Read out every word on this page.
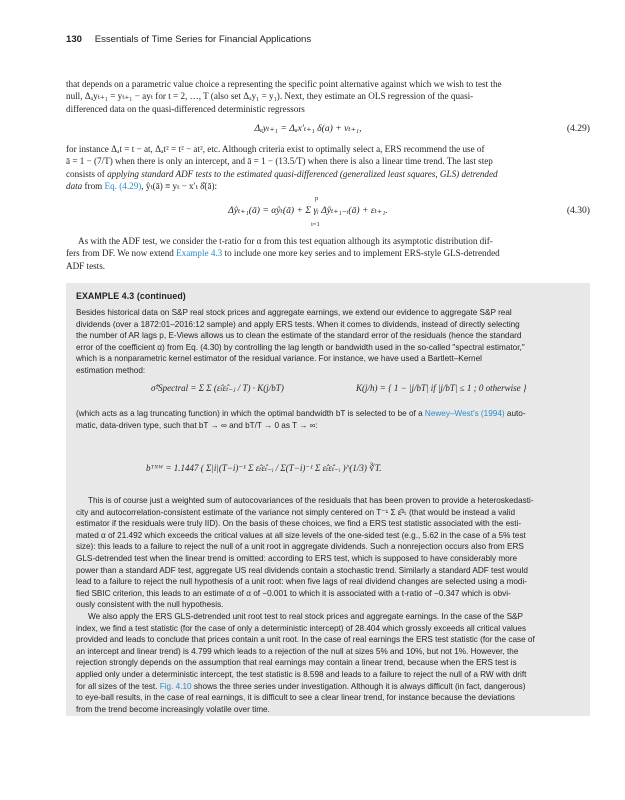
130 Essentials of Time Series for Financial Applications

that depends on a parametric value choice a representing the specific point alternative against which we wish to test the

null, Δₐyₜ₊₁ = yₜ₊₁ − ayₜ for t = 2, …, T (also set Δₐy₁ = y₁). Next, they estimate an OLS regression of the quasi-

differenced data on the quasi-differenced deterministic regressors

Δₐyₜ₊₁ = Δₐx′ₜ₊₁ δ(a) + vₜ₊₁,	(4.29)

for instance Δₐt = t − at, Δₐt² = t² − at², etc. Although criteria exist to optimally select a, ERS recommend the use of

ā = 1 − (7/T) when there is only an intercept, and ā = 1 − (13.5/T) when there is also a linear time trend. The last step

consists of applying standard ADF tests to the estimated quasi-differenced (generalized least squares, GLS) detrended

data from Eq. (4.29), ŷₜ(ā) ≡ yₜ − x′ₜ δ̂(ā):

Δŷₜ₊₁(ā) = αŷₜ(ā) + Σ γᵢ Δŷₜ₊₁₋ᵢ(ā) + εₜ₊₁.	(4.30)
p
i=1

As with the ADF test, we consider the t-ratio for α from this test equation although its asymptotic distribution dif-

fers from DF. We now extend Example 4.3 to include one more key series and to implement ERS-style GLS-detrended

ADF tests.

EXAMPLE 4.3 (continued)

Besides historical data on S&P real stock prices and aggregate earnings, we extend our evidence to aggregate S&P real

dividends (over a 1872:01–2016:12 sample) and apply ERS tests. When it comes to dividends, instead of directly selecting

the number of AR lags p, E-Views allows us to clean the estimate of the standard error of the residuals (hence the standard

error of the coefficient α) from Eq. (4.30) by controlling the lag length or bandwidth used in the so-called "spectral estimator,"

which is a nonparametric kernel estimator of the residual variance. For instance, we have used a Bartlett–Kernel

estimation method:

σ̂²Spectral = Σ Σ (ε̂ₜε̂ₜ₋ⱼ / T) · K(j/bT)	K(j/h) = { 1 − |j/bT| if |j/bT| ≤ 1 ; 0 otherwise }

(which acts as a lag truncating function) in which the optimal bandwidth bT is selected to be of a Newey–West's (1994) auto-

matic, data-driven type, such that bT → ∞ and bT/T → 0 as T → ∞:

bᵀᴺᵂ = 1.1447 ( Σ|i|(T−i)⁻¹ Σ ε̂ₜε̂ₜ₋ᵢ / Σ(T−i)⁻¹ Σ ε̂ₜε̂ₜ₋ᵢ )^(1/3) ∛T.

This is of course just a weighted sum of autocovariances of the residuals that has been proven to provide a heteroskedasti-

city and autocorrelation-consistent estimate of the variance not simply centered on T⁻¹ Σ ε̂²ₜ (that would be instead a valid

estimator if the residuals were truly IID). On the basis of these choices, we find a ERS test statistic associated with the esti-

mated α of 21.492 which exceeds the critical values at all size levels of the one-sided test (e.g., 5.62 in the case of a 5% test

size): this leads to a failure to reject the null of a unit root in aggregate dividends. Such a nonrejection occurs also from ERS

GLS-detrended test when the linear trend is omitted: according to ERS test, which is supposed to have considerably more

power than a standard ADF test, aggregate US real dividends contain a stochastic trend. Similarly a standard ADF test would

lead to a failure to reject the null hypothesis of a unit root: when five lags of real dividend changes are selected using a modi-

fied SBIC criterion, this leads to an estimate of α of −0.001 to which it is associated with a t-ratio of −0.347 which is obvi-

ously consistent with the null hypothesis.

We also apply the ERS GLS-detrended unit root test to real stock prices and aggregate earnings. In the case of the S&P

index, we find a test statistic (for the case of only a deterministic intercept) of 28.404 which grossly exceeds all critical values

provided and leads to conclude that prices contain a unit root. In the case of real earnings the ERS test statistic (for the case of

an intercept and linear trend) is 4.799 which leads to a rejection of the null at sizes 5% and 10%, but not 1%. However, the

rejection strongly depends on the assumption that real earnings may contain a linear trend, because when the ERS test is

applied only under a deterministic intercept, the test statistic is 8.598 and leads to a failure to reject the null of a RW with drift

for all sizes of the test. Fig. 4.10 shows the three series under investigation. Although it is always difficult (in fact, dangerous)

to eye-ball results, in the case of real earnings, it is difficult to see a clear linear trend, for instance because the deviations

from the trend become increasingly volatile over time.
